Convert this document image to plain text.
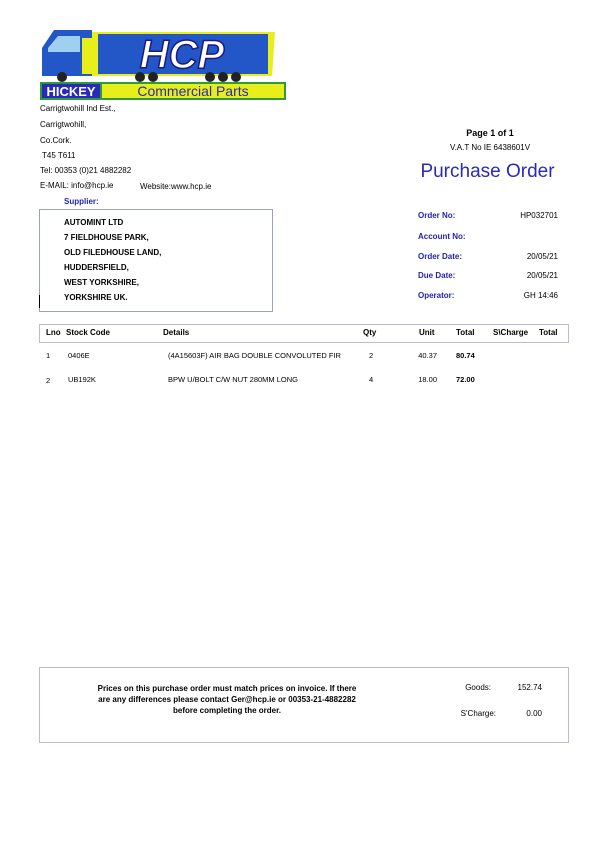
HCP
HICKEY	Commercial Parts
Carrigtwohill Ind Est.,
Carrigtwohill,
Co.Cork.
T45 T611
Tel: 00353 (0)21 4882282
E-MAIL: info@hcp.ie	Website:www.hcp.ie
Page 1 of 1
V.A.T No IE 6438601V
Purchase Order
Supplier:
AUTOMINT LTD
7 FIELDHOUSE PARK,
OLD FILEDHOUSE LAND,
HUDDERSFIELD,
WEST YORKSHIRE,
YORKSHIRE UK.
Order No:	HP032701
Account No:
Order Date:	20/05/21
Due Date:	20/05/21
Operator:	GH 14:46
Lno Stock Code	Details	Qty	Unit	Total S\Charge Total
1 0406E	(4A15603F) AIR BAG DOUBLE CONVOLUTED FIR	2	40.37	80.74
2 UB192K	BPW U/BOLT C/W NUT 280MM LONG	4	18.00	72.00
Prices on this purchase order must match prices on invoice. If there are any differences please contact Ger@hcp.ie or 00353-21-4882282 before completing the order.
Goods:	152.74
S'Charge:	0.00
